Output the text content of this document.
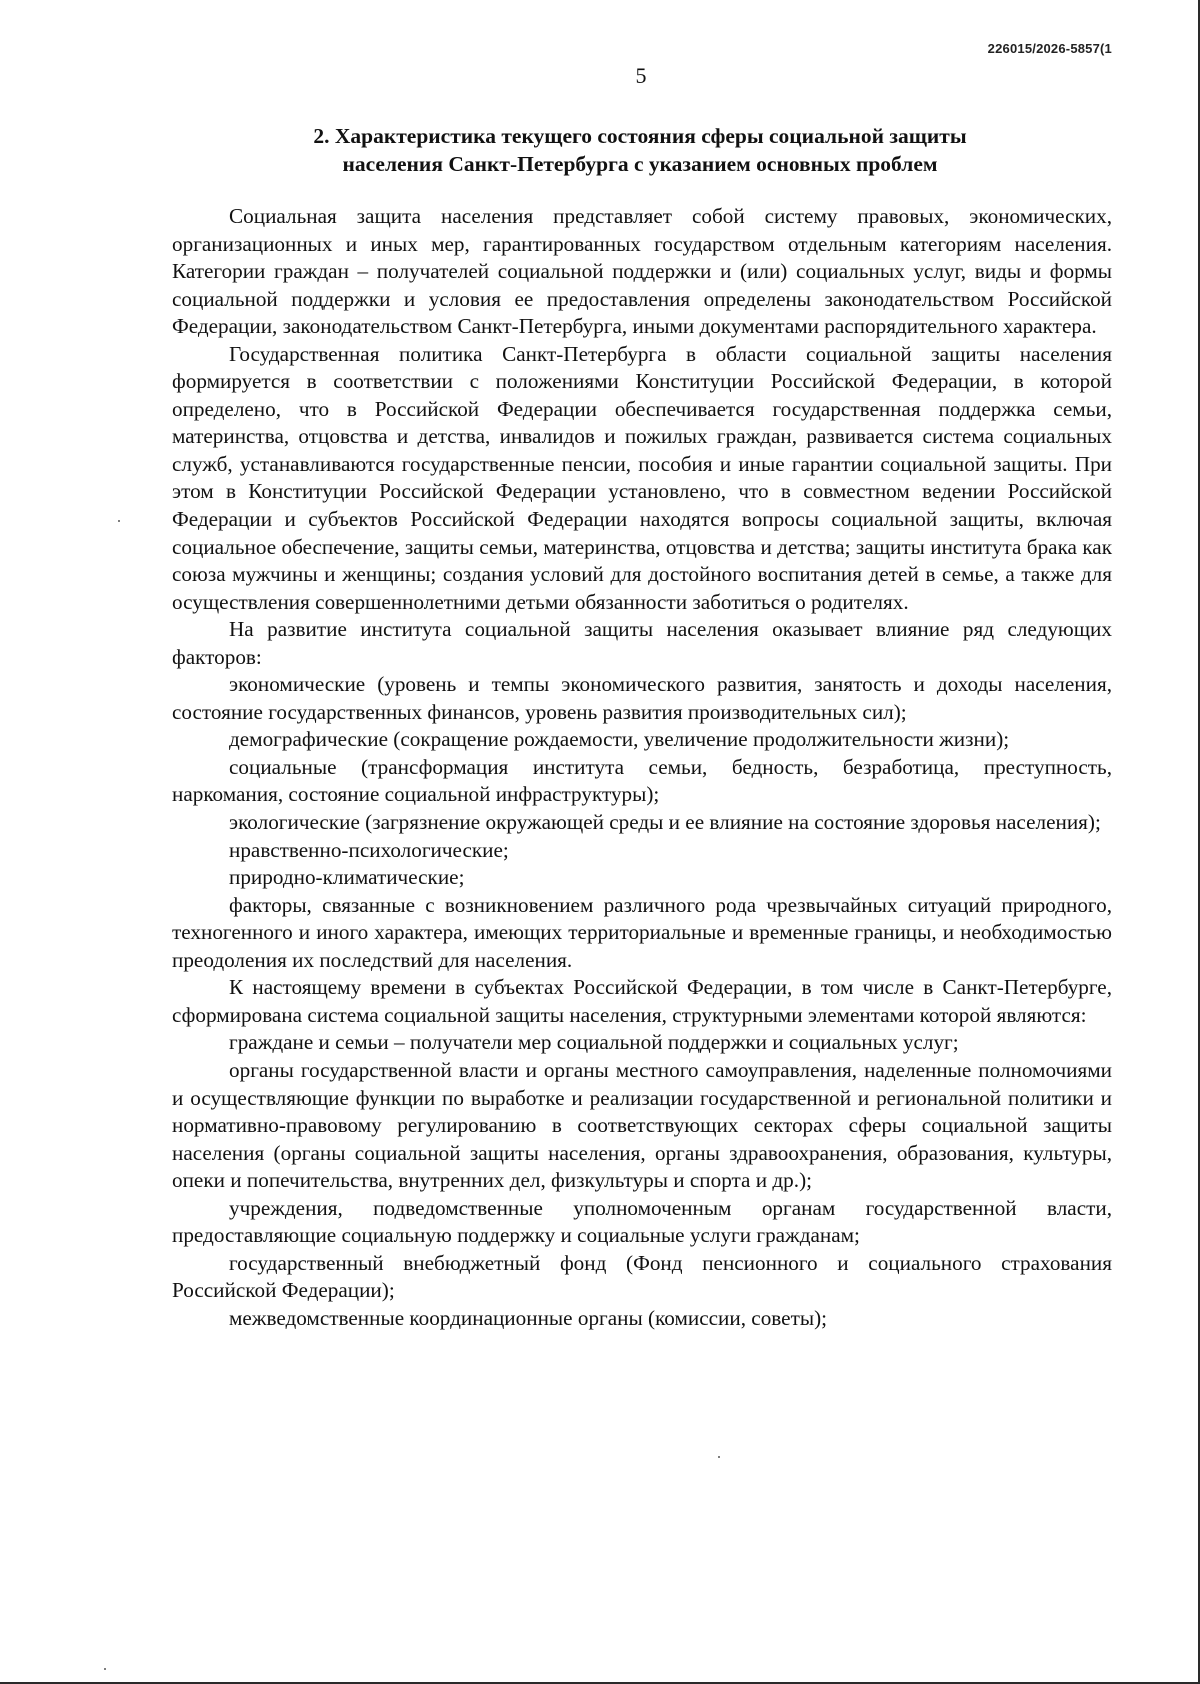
226015/2026-5857(1
5
2. Характеристика текущего состояния сферы социальной защиты
населения Санкт-Петербурга с указанием основных проблем

Социальная защита населения представляет собой систему правовых, экономических, организационных и иных мер, гарантированных государством отдельным категориям населения. Категории граждан – получателей социальной поддержки и (или) социальных услуг, виды и формы социальной поддержки и условия ее предоставления определены законодательством Российской Федерации, законодательством Санкт-Петербурга, иными документами распорядительного характера.

Государственная политика Санкт-Петербурга в области социальной защиты населения формируется в соответствии с положениями Конституции Российской Федерации, в которой определено, что в Российской Федерации обеспечивается государственная поддержка семьи, материнства, отцовства и детства, инвалидов и пожилых граждан, развивается система социальных служб, устанавливаются государственные пенсии, пособия и иные гарантии социальной защиты. При этом в Конституции Российской Федерации установлено, что в совместном ведении Российской Федерации и субъектов Российской Федерации находятся вопросы социальной защиты, включая социальное обеспечение, защиты семьи, материнства, отцовства и детства; защиты института брака как союза мужчины и женщины; создания условий для достойного воспитания детей в семье, а также для осуществления совершеннолетними детьми обязанности заботиться о родителях.

На развитие института социальной защиты населения оказывает влияние ряд следующих факторов:

экономические (уровень и темпы экономического развития, занятость и доходы населения, состояние государственных финансов, уровень развития производительных сил);

демографические (сокращение рождаемости, увеличение продолжительности жизни);

социальные (трансформация института семьи, бедность, безработица, преступность, наркомания, состояние социальной инфраструктуры);

экологические (загрязнение окружающей среды и ее влияние на состояние здоровья населения);

нравственно-психологические;

природно-климатические;

факторы, связанные с возникновением различного рода чрезвычайных ситуаций природного, техногенного и иного характера, имеющих территориальные и временные границы, и необходимостью преодоления их последствий для населения.

К настоящему времени в субъектах Российской Федерации, в том числе в Санкт-Петербурге, сформирована система социальной защиты населения, структурными элементами которой являются:

граждане и семьи – получатели мер социальной поддержки и социальных услуг;

органы государственной власти и органы местного самоуправления, наделенные полномочиями и осуществляющие функции по выработке и реализации государственной и региональной политики и нормативно-правовому регулированию в соответствующих секторах сферы социальной защиты населения (органы социальной защиты населения, органы здравоохранения, образования, культуры, опеки и попечительства, внутренних дел, физкультуры и спорта и др.);

учреждения, подведомственные уполномоченным органам государственной власти, предоставляющие социальную поддержку и социальные услуги гражданам;

государственный внебюджетный фонд (Фонд пенсионного и социального страхования Российской Федерации);

межведомственные координационные органы (комиссии, советы);
